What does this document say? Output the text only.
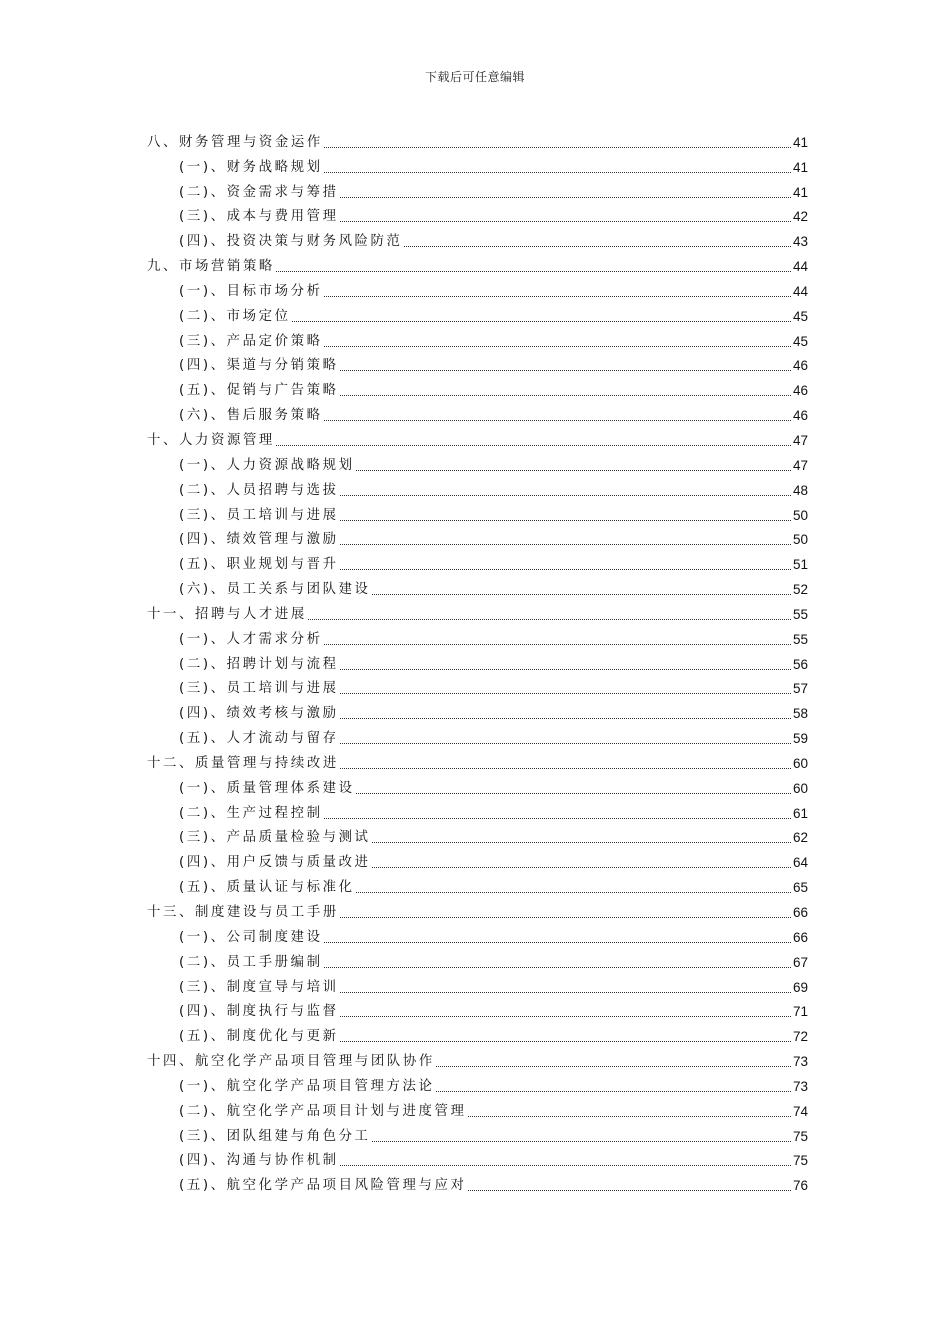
下载后可任意编辑
八、财务管理与资金运作	41
(一)、财务战略规划	41
(二)、资金需求与筹措	41
(三)、成本与费用管理	42
(四)、投资决策与财务风险防范	43
九、市场营销策略	44
(一)、目标市场分析	44
(二)、市场定位	45
(三)、产品定价策略	45
(四)、渠道与分销策略	46
(五)、促销与广告策略	46
(六)、售后服务策略	46
十、人力资源管理	47
(一)、人力资源战略规划	47
(二)、人员招聘与选拔	48
(三)、员工培训与进展	50
(四)、绩效管理与激励	50
(五)、职业规划与晋升	51
(六)、员工关系与团队建设	52
十一、招聘与人才进展	55
(一)、人才需求分析	55
(二)、招聘计划与流程	56
(三)、员工培训与进展	57
(四)、绩效考核与激励	58
(五)、人才流动与留存	59
十二、质量管理与持续改进	60
(一)、质量管理体系建设	60
(二)、生产过程控制	61
(三)、产品质量检验与测试	62
(四)、用户反馈与质量改进	64
(五)、质量认证与标准化	65
十三、制度建设与员工手册	66
(一)、公司制度建设	66
(二)、员工手册编制	67
(三)、制度宣导与培训	69
(四)、制度执行与监督	71
(五)、制度优化与更新	72
十四、航空化学产品项目管理与团队协作	73
(一)、航空化学产品项目管理方法论	73
(二)、航空化学产品项目计划与进度管理	74
(三)、团队组建与角色分工	75
(四)、沟通与协作机制	75
(五)、航空化学产品项目风险管理与应对	76
